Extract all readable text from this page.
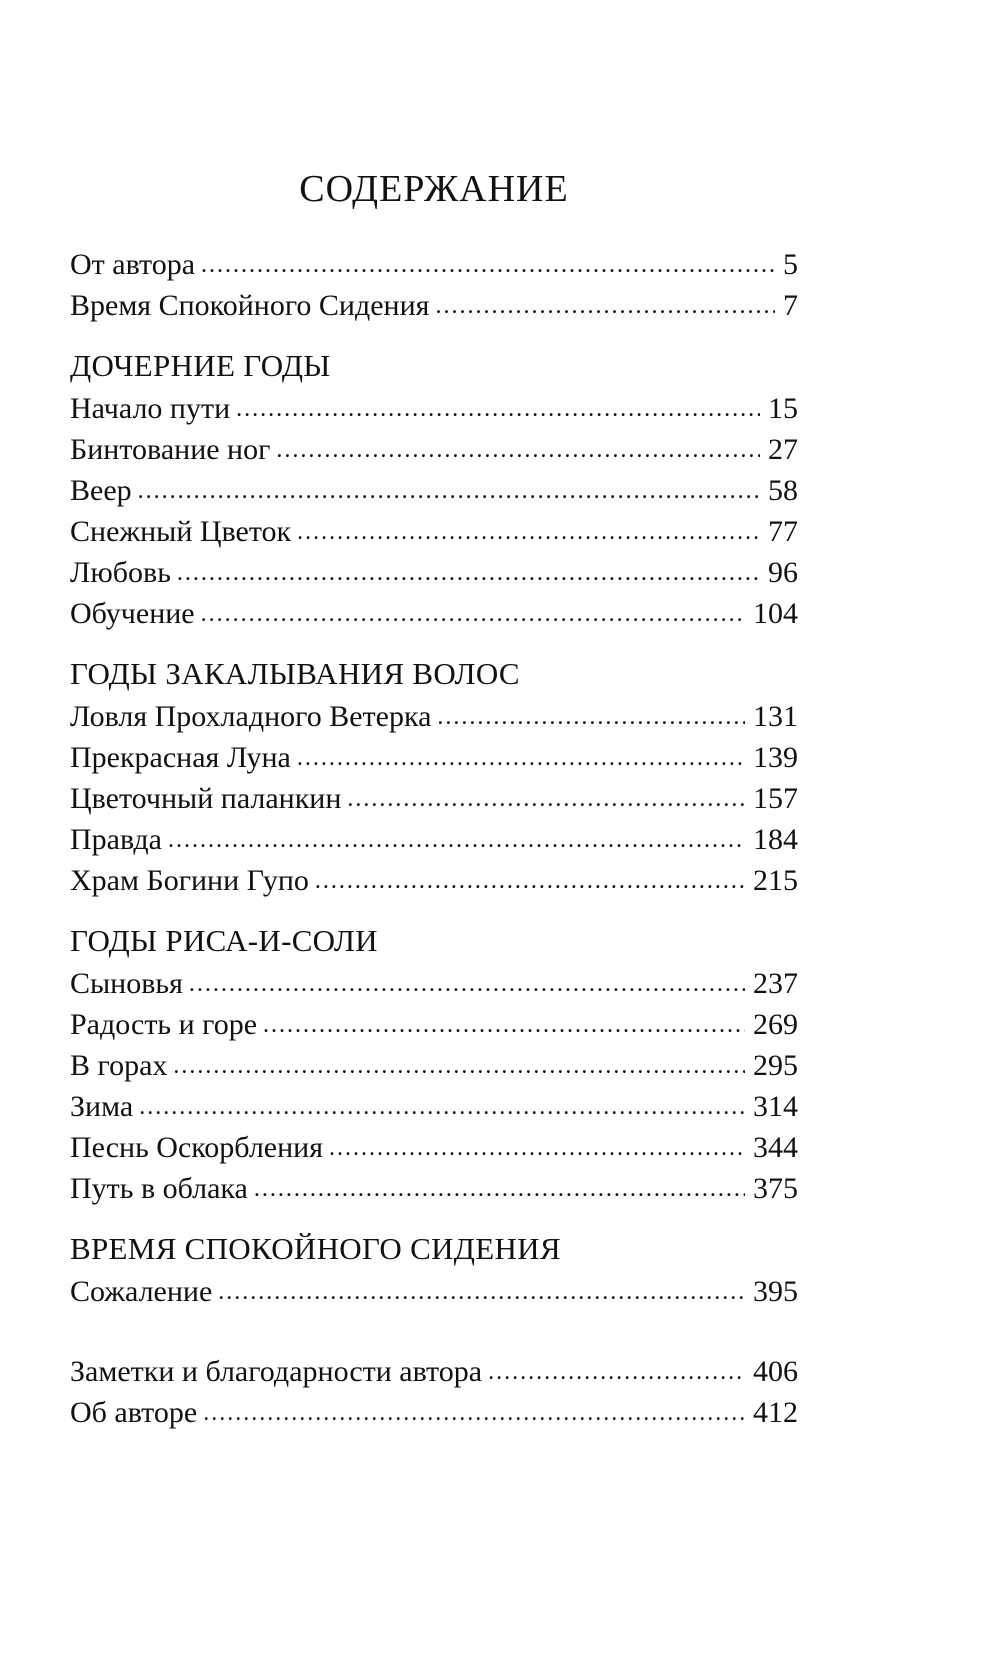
СОДЕРЖАНИЕ
От автора .....	5
Время Спокойного Сидения .....	7
ДОЧЕРНИЕ ГОДЫ
Начало пути .....	15
Бинтование ног .....	27
Веер .....	58
Снежный Цветок .....	77
Любовь .....	96
Обучение .....	104
ГОДЫ ЗАКАЛЫВАНИЯ ВОЛОС
Ловля Прохладного Ветерка .....	131
Прекрасная Луна .....	139
Цветочный паланкин .....	157
Правда .....	184
Храм Богини Гупо .....	215
ГОДЫ РИСА-И-СОЛИ
Сыновья .....	237
Радость и горе .....	269
В горах .....	295
Зима .....	314
Песнь Оскорбления .....	344
Путь в облака .....	375
ВРЕМЯ СПОКОЙНОГО СИДЕНИЯ
Сожаление .....	395
Заметки и благодарности автора .....	406
Об авторе .....	412
